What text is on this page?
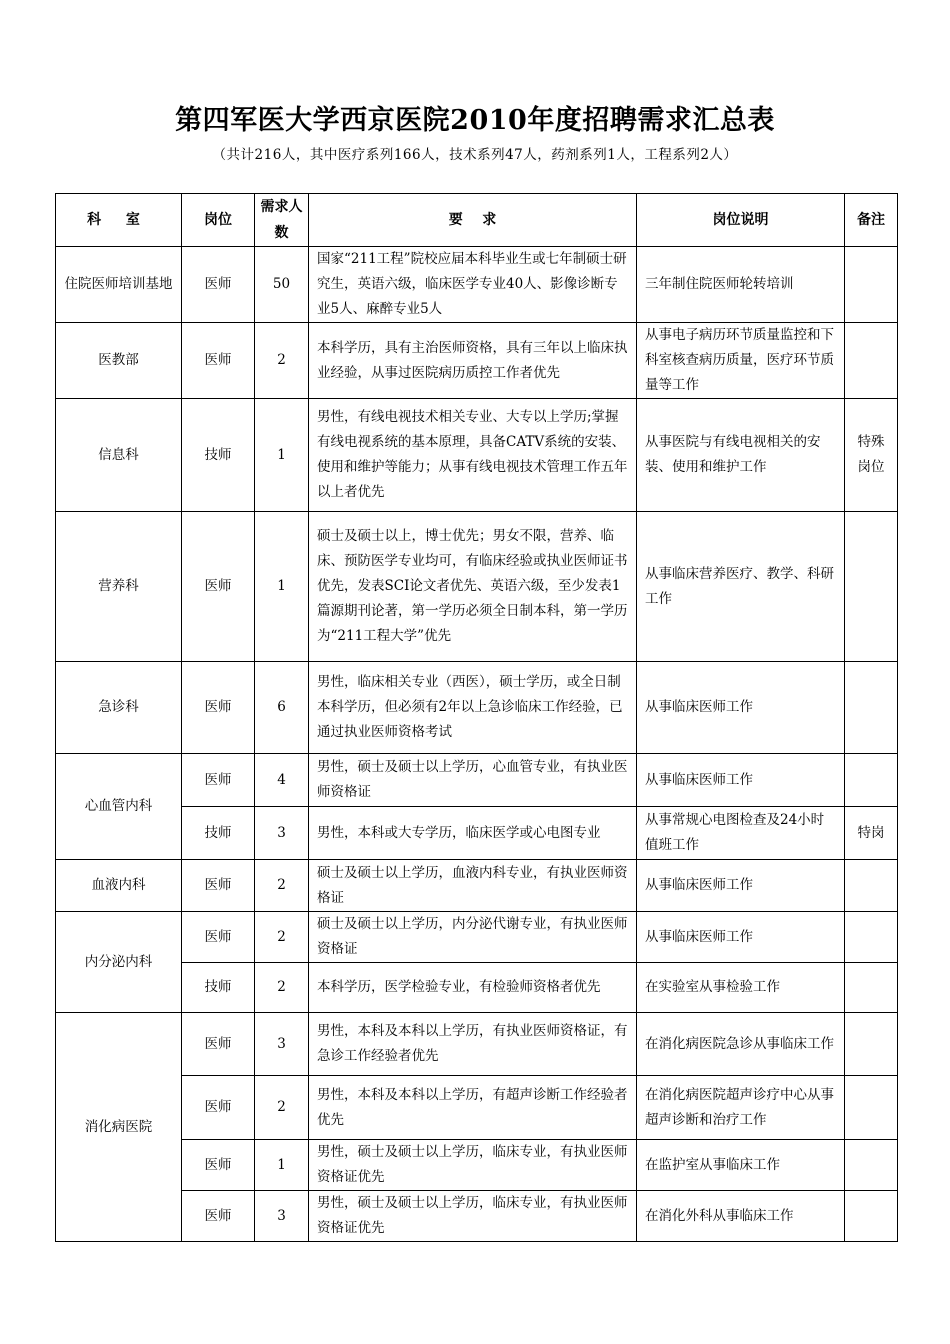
第四军医大学西京医院2010年度招聘需求汇总表

（共计216人，其中医疗系列166人，技术系列47人，药剂系列1人，工程系列2人）

科 室	岗位	需求人数	要    求	岗位说明	备注
住院医师培训基地	医师	50	国家“211工程”院校应届本科毕业生或七年制硕士研究生，英语六级，临床医学专业40人、影像诊断专业5人、麻醉专业5人	三年制住院医师轮转培训	
医教部	医师	2	本科学历，具有主治医师资格，具有三年以上临床执业经验，从事过医院病历质控工作者优先	从事电子病历环节质量监控和下科室核查病历质量，医疗环节质量等工作	
信息科	技师	1	男性，有线电视技术相关专业、大专以上学历;掌握有线电视系统的基本原理，具备CATV系统的安装、使用和维护等能力；从事有线电视技术管理工作五年以上者优先	从事医院与有线电视相关的安装、使用和维护工作	特殊岗位
营养科	医师	1	硕士及硕士以上，博士优先；男女不限，营养、临床、预防医学专业均可，有临床经验或执业医师证书优先，发表SCI论文者优先、英语六级，至少发表1篇源期刊论著，第一学历必须全日制本科，第一学历为“211工程大学”优先	从事临床营养医疗、教学、科研工作	
急诊科	医师	6	男性，临床相关专业（西医），硕士学历，或全日制本科学历，但必须有2年以上急诊临床工作经验，已通过执业医师资格考试	从事临床医师工作	
心血管内科	医师	4	男性，硕士及硕士以上学历，心血管专业，有执业医师资格证	从事临床医师工作	
	技师	3	男性，本科或大专学历，临床医学或心电图专业	从事常规心电图检查及24小时值班工作	特岗
血液内科	医师	2	硕士及硕士以上学历，血液内科专业，有执业医师资格证	从事临床医师工作	
内分泌内科	医师	2	硕士及硕士以上学历，内分泌代谢专业，有执业医师资格证	从事临床医师工作	
	技师	2	本科学历，医学检验专业，有检验师资格者优先	在实验室从事检验工作	
消化病医院	医师	3	男性，本科及本科以上学历，有执业医师资格证，有急诊工作经验者优先	在消化病医院急诊从事临床工作	
	医师	2	男性，本科及本科以上学历，有超声诊断工作经验者优先	在消化病医院超声诊疗中心从事超声诊断和治疗工作	
	医师	1	男性，硕士及硕士以上学历，临床专业，有执业医师资格证优先	在监护室从事临床工作	
	医师	3	男性，硕士及硕士以上学历，临床专业，有执业医师资格证优先	在消化外科从事临床工作	
